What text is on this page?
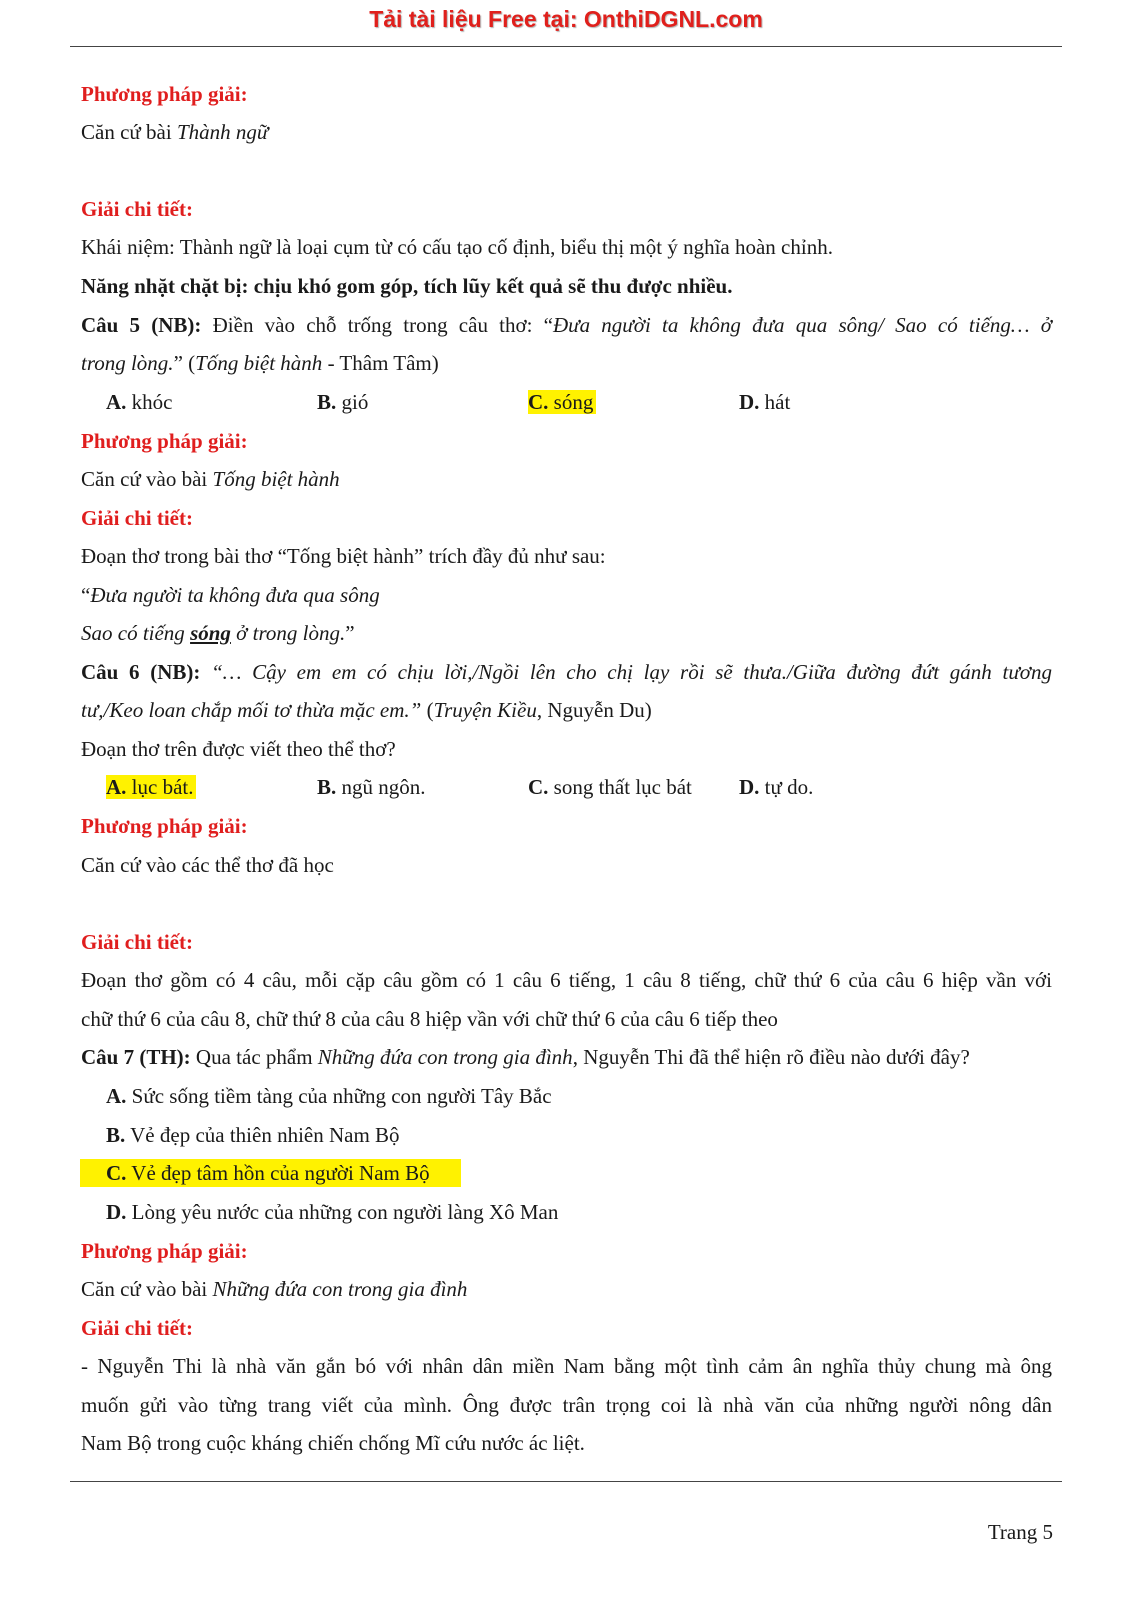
Tải tài liệu Free tại: OnthiDGNL.com
Phương pháp giải:
Căn cứ bài Thành ngữ
Giải chi tiết:
Khái niệm: Thành ngữ là loại cụm từ có cấu tạo cố định, biểu thị một ý nghĩa hoàn chỉnh.
Năng nhặt chặt bị: chịu khó gom góp, tích lũy kết quả sẽ thu được nhiều.
Câu 5 (NB): Điền vào chỗ trống trong câu thơ: “Đưa người ta không đưa qua sông/ Sao có tiếng… ở
trong lòng.” (Tống biệt hành - Thâm Tâm)
A. khóc	B. gió	C. sóng	D. hát
Phương pháp giải:
Căn cứ vào bài Tống biệt hành
Giải chi tiết:
Đoạn thơ trong bài thơ “Tống biệt hành” trích đầy đủ như sau:
“Đưa người ta không đưa qua sông
Sao có tiếng sóng ở trong lòng.”
Câu 6 (NB): “… Cậy em em có chịu lời,/Ngồi lên cho chị lạy rồi sẽ thưa./Giữa đường đứt gánh tương
tư,/Keo loan chắp mối tơ thừa mặc em.” (Truyện Kiều, Nguyễn Du)
Đoạn thơ trên được viết theo thể thơ?
A. lục bát.	B. ngũ ngôn.	C. song thất lục bát D. tự do.
Phương pháp giải:
Căn cứ vào các thể thơ đã học
Giải chi tiết:
Đoạn thơ gồm có 4 câu, mỗi cặp câu gồm có 1 câu 6 tiếng, 1 câu 8 tiếng, chữ thứ 6 của câu 6 hiệp vần với
chữ thứ 6 của câu 8, chữ thứ 8 của câu 8 hiệp vần với chữ thứ 6 của câu 6 tiếp theo
Câu 7 (TH): Qua tác phẩm Những đứa con trong gia đình, Nguyễn Thi đã thể hiện rõ điều nào dưới đây?
A. Sức sống tiềm tàng của những con người Tây Bắc
B. Vẻ đẹp của thiên nhiên Nam Bộ
C. Vẻ đẹp tâm hồn của người Nam Bộ
D. Lòng yêu nước của những con người làng Xô Man
Phương pháp giải:
Căn cứ vào bài Những đứa con trong gia đình
Giải chi tiết:
- Nguyễn Thi là nhà văn gắn bó với nhân dân miền Nam bằng một tình cảm ân nghĩa thủy chung mà ông
muốn gửi vào từng trang viết của mình. Ông được trân trọng coi là nhà văn của những người nông dân
Nam Bộ trong cuộc kháng chiến chống Mĩ cứu nước ác liệt.
Trang 5
